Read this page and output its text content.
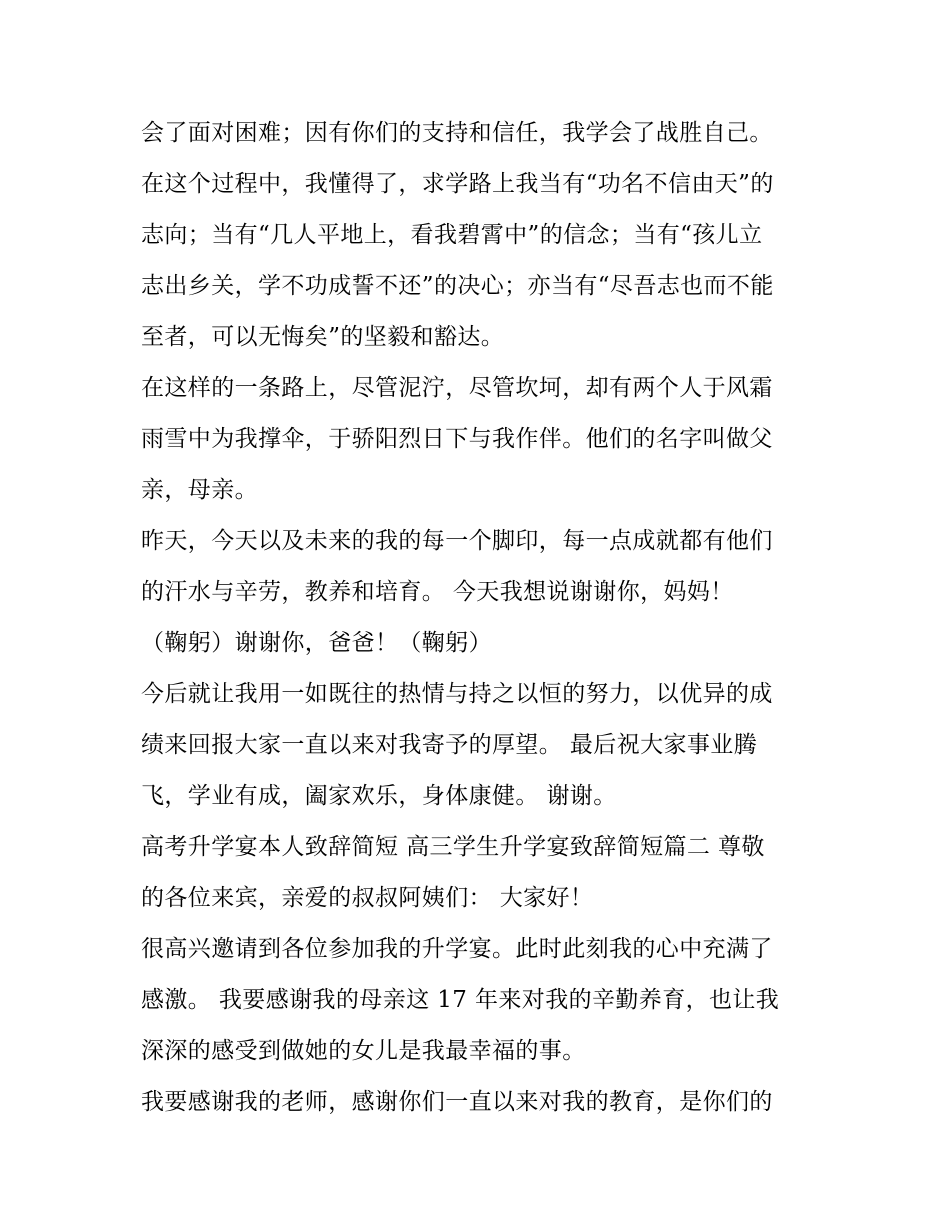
会了面对困难；因有你们的支持和信任，我学会了战胜自己。
在这个过程中，我懂得了，求学路上我当有“功名不信由天”的
志向；当有“几人平地上，看我碧霄中”的信念；当有“孩儿立
志出乡关，学不功成誓不还”的决心；亦当有“尽吾志也而不能
至者，可以无悔矣”的坚毅和豁达。
在这样的一条路上，尽管泥泞，尽管坎坷，却有两个人于风霜
雨雪中为我撑伞，于骄阳烈日下与我作伴。他们的名字叫做父
亲，母亲。
昨天，今天以及未来的我的每一个脚印，每一点成就都有他们
的汗水与辛劳，教养和培育。 今天我想说谢谢你，妈妈！
（鞠躬）谢谢你，爸爸！（鞠躬）
今后就让我用一如既往的热情与持之以恒的努力，以优异的成
绩来回报大家一直以来对我寄予的厚望。 最后祝大家事业腾
飞，学业有成，阖家欢乐，身体康健。 谢谢。
高考升学宴本人致辞简短 高三学生升学宴致辞简短篇二 尊敬
的各位来宾，亲爱的叔叔阿姨们： 大家好！
很高兴邀请到各位参加我的升学宴。此时此刻我的心中充满了
感激。 我要感谢我的母亲这 17 年来对我的辛勤养育，也让我
深深的感受到做她的女儿是我最幸福的事。
我要感谢我的老师，感谢你们一直以来对我的教育，是你们的
